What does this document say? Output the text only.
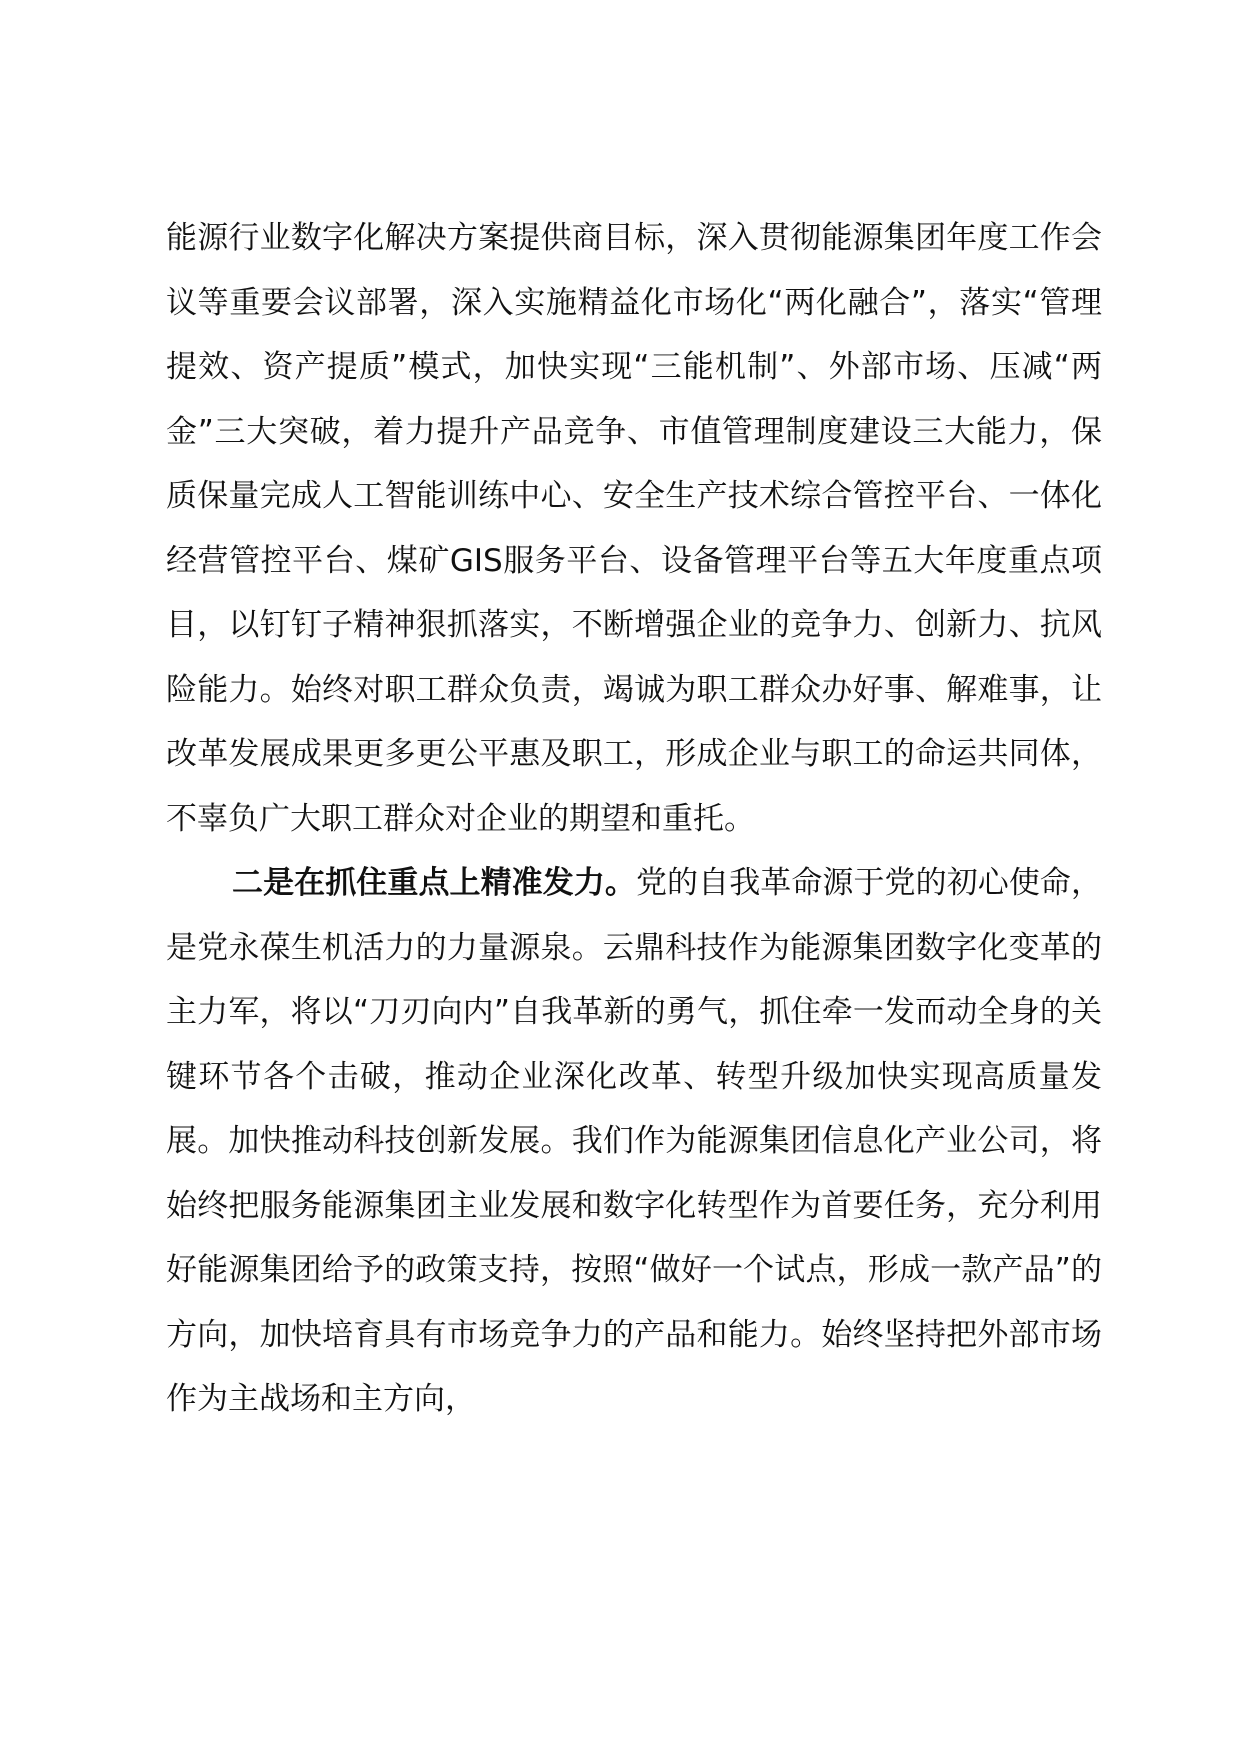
能源行业数字化解决方案提供商目标，深入贯彻能源集团年度工作会议等重要会议部署，深入实施精益化市场化“两化融合”，落实“管理提效、资产提质”模式，加快实现“三能机制”、外部市场、压减“两金”三大突破，着力提升产品竞争、市值管理制度建设三大能力，保质保量完成人工智能训练中心、安全生产技术综合管控平台、一体化经营管控平台、煤矿GIS服务平台、设备管理平台等五大年度重点项目，以钉钉子精神狠抓落实，不断增强企业的竞争力、创新力、抗风险能力。始终对职工群众负责，竭诚为职工群众办好事、解难事，让改革发展成果更多更公平惠及职工，形成企业与职工的命运共同体，不辜负广大职工群众对企业的期望和重托。

二是在抓住重点上精准发力。党的自我革命源于党的初心使命，是党永葆生机活力的力量源泉。云鼎科技作为能源集团数字化变革的主力军，将以“刀刃向内”自我革新的勇气，抓住牵一发而动全身的关键环节各个击破，推动企业深化改革、转型升级加快实现高质量发展。加快推动科技创新发展。我们作为能源集团信息化产业公司，将始终把服务能源集团主业发展和数字化转型作为首要任务，充分利用好能源集团给予的政策支持，按照“做好一个试点，形成一款产品”的方向，加快培育具有市场竞争力的产品和能力。始终坚持把外部市场作为主战场和主方向，
